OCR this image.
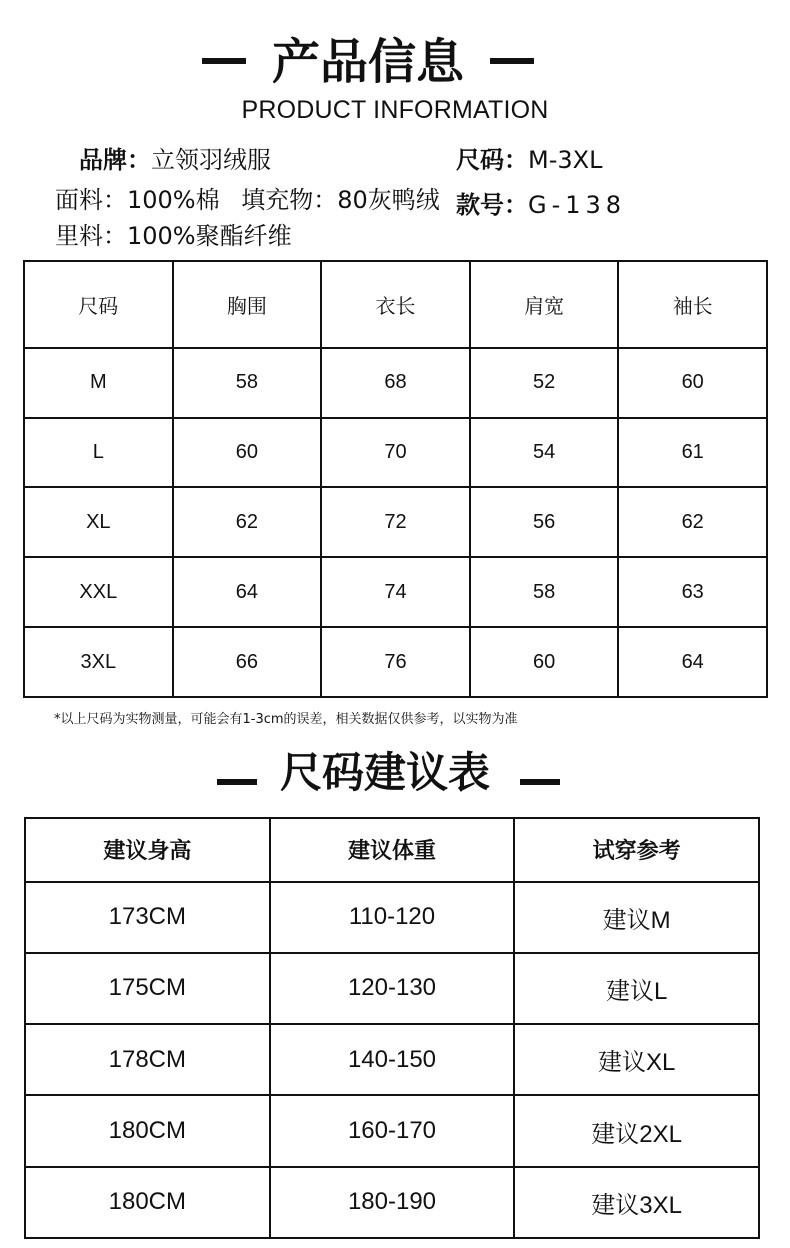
产品信息
PRODUCT INFORMATION
品牌：立领羽绒服	尺码：M-3XL
面料：100%棉 填充物：80灰鸭绒 款号：G-138
里料：100%聚酯纤维
尺码	胸围	衣长	肩宽	袖长
M	58	68	52	60
L	60	70	54	61
XL	62	72	56	62
XXL	64	74	58	63
3XL	66	76	60	64
*以上尺码为实物测量，可能会有1-3cm的误差，相关数据仅供参考，以实物为准
尺码建议表
建议身高	建议体重	试穿参考
173CM	110-120	建议M
175CM	120-130	建议L
178CM	140-150	建议XL
180CM	160-170	建议2XL
180CM	180-190	建议3XL
